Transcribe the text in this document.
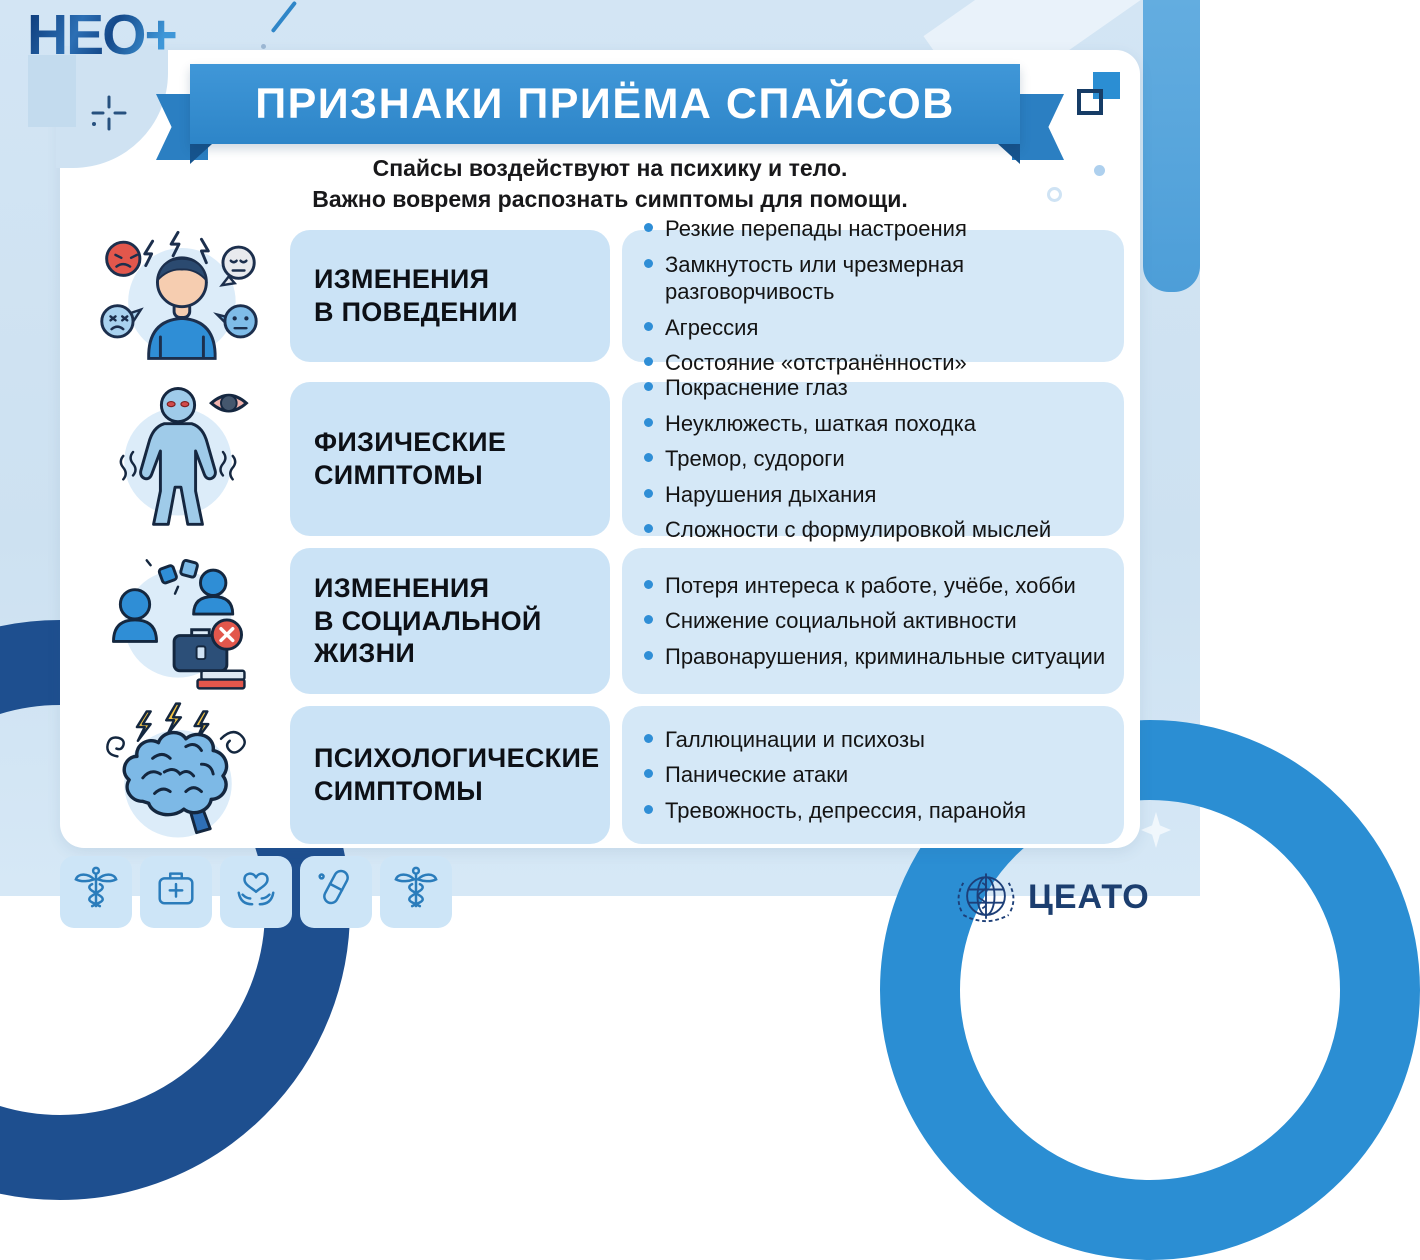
НЕО+
ПРИЗНАКИ ПРИЁМА СПАЙСОВ
Спайсы воздействуют на психику и тело.
Важно вовремя распознать симптомы для помощи.
ИЗМЕНЕНИЯ
В ПОВЕДЕНИИ
Резкие перепады настроения
Замкнутость или чрезмерная разговорчивость
Агрессия
Состояние «отстранённости»
ФИЗИЧЕСКИЕ
СИМПТОМЫ
Покраснение глаз
Неуклюжесть, шаткая походка
Тремор, судороги
Нарушения дыхания
Сложности с формулировкой мыслей
ИЗМЕНЕНИЯ
В СОЦИАЛЬНОЙ
ЖИЗНИ
Потеря интереса к работе, учёбе, хобби
Снижение социальной активности
Правонарушения, криминальные ситуации
ПСИХОЛОГИЧЕСКИЕ
СИМПТОМЫ
Галлюцинации и психозы
Панические атаки
Тревожность, депрессия, паранойя
ЦЕАТО
